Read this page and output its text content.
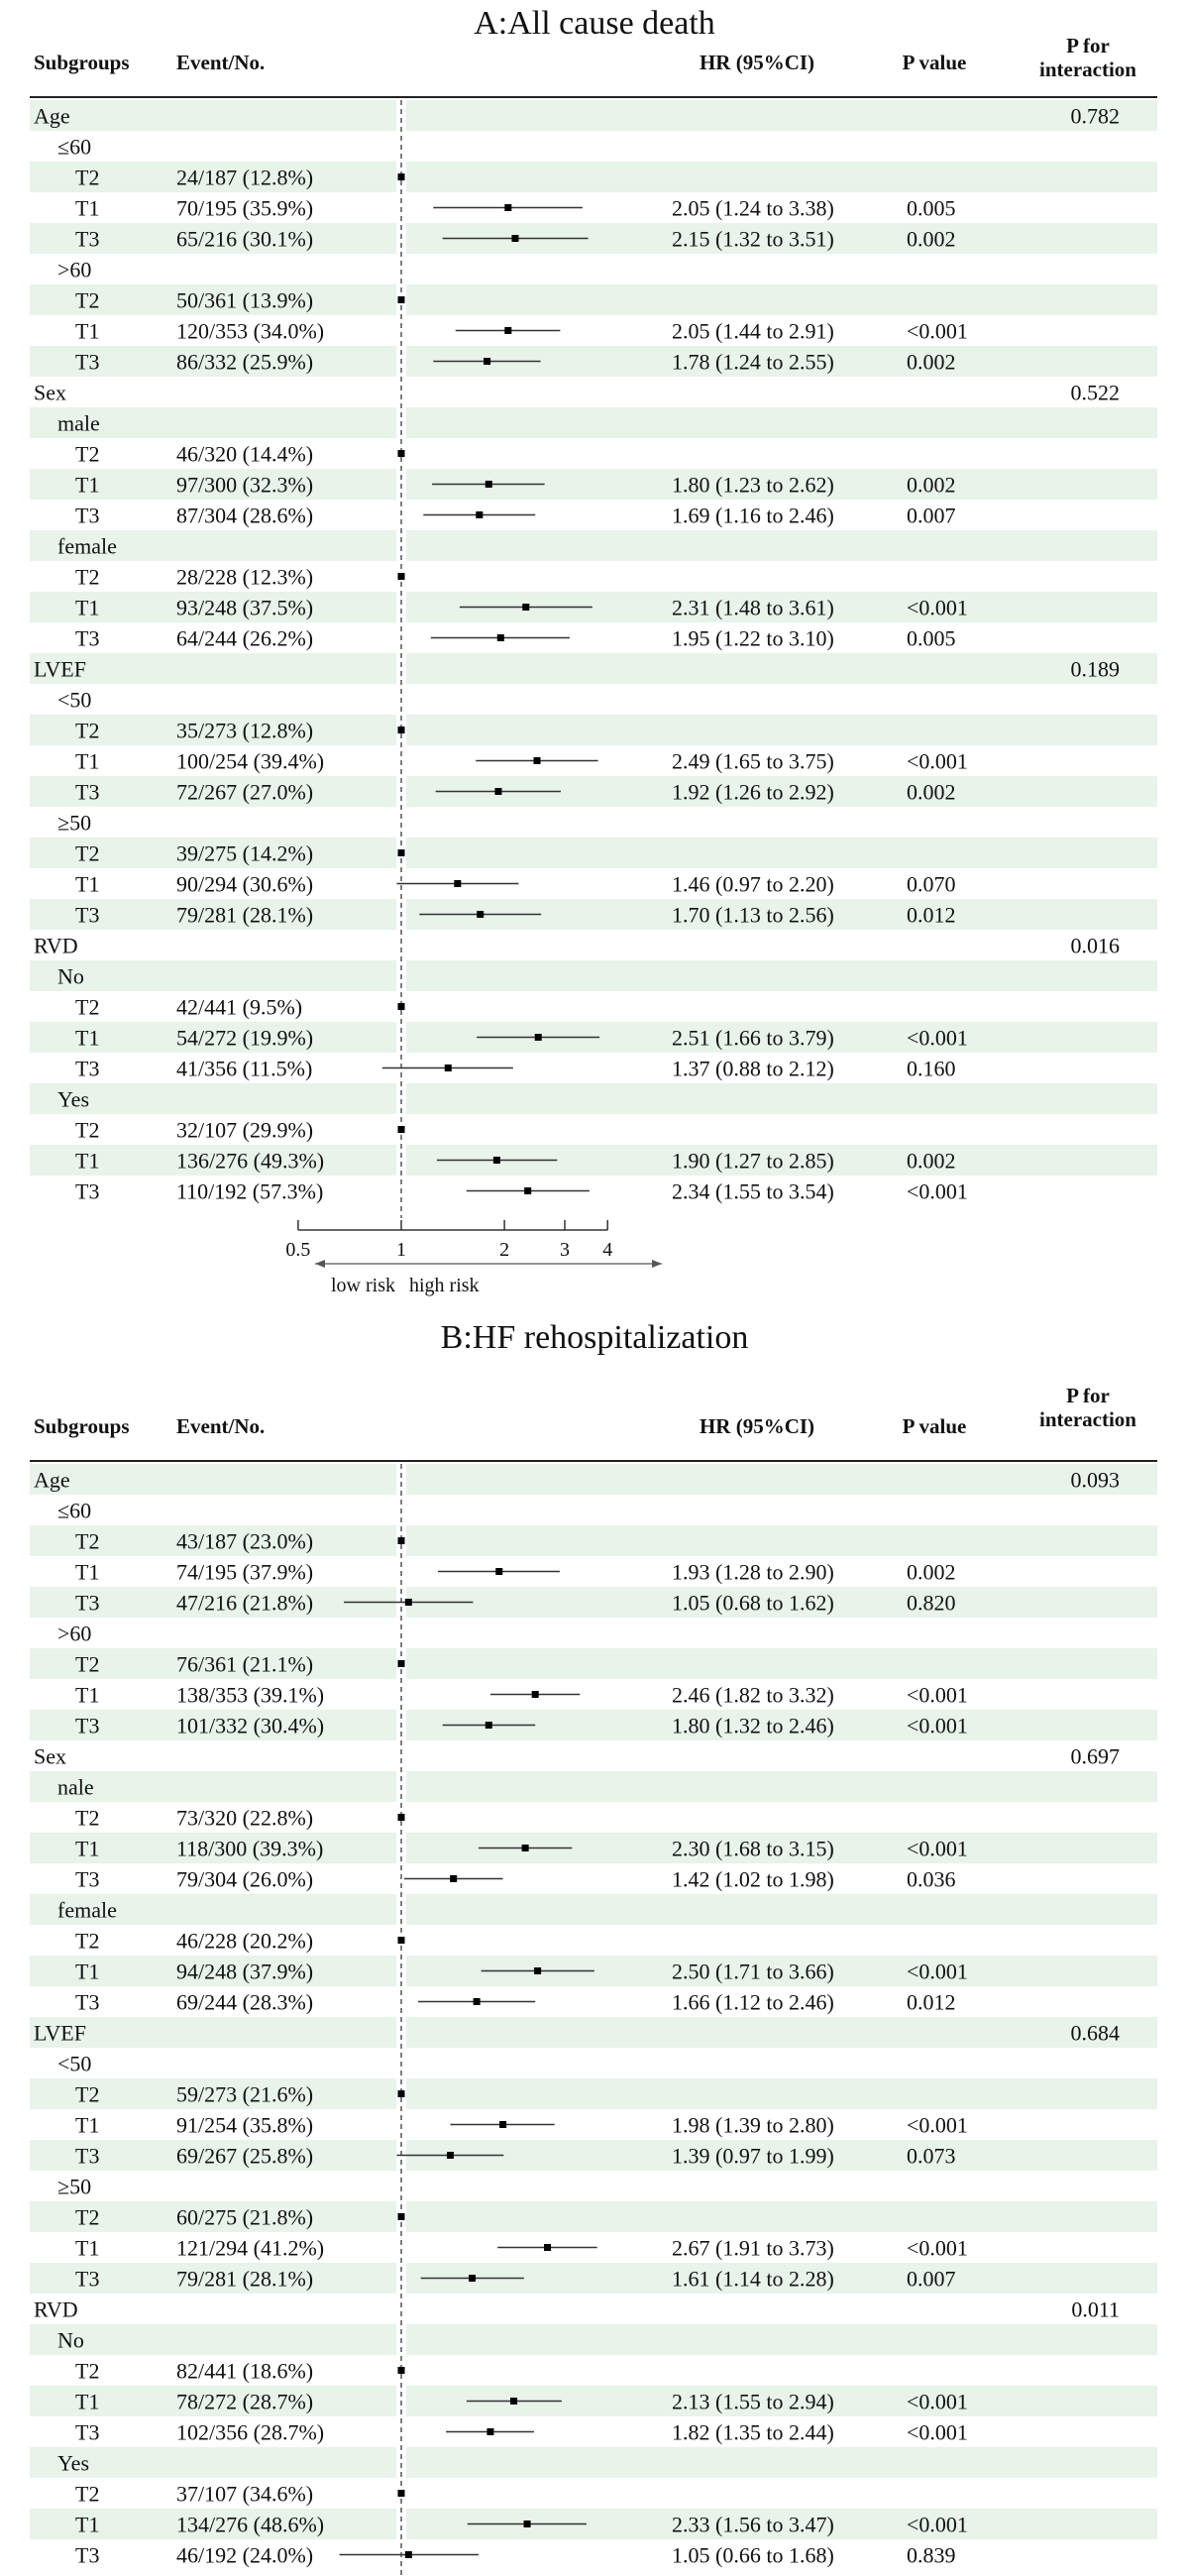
A:All cause death
Subgroups Event/No.	HR (95%CI)	P value
P for interaction
Age	0.782
≤60
T2	24/187 (12.8%)
T1	70/195 (35.9%)	2.05 (1.24 to 3.38)	0.005
T3	65/216 (30.1%)	2.15 (1.32 to 3.51)	0.002
>60
T2	50/361 (13.9%)
T1	120/353 (34.0%)	2.05 (1.44 to 2.91)	<0.001
T3	86/332 (25.9%)	1.78 (1.24 to 2.55)	0.002
Sex	0.522
male
T2	46/320 (14.4%)
T1	97/300 (32.3%)	1.80 (1.23 to 2.62)	0.002
T3	87/304 (28.6%)	1.69 (1.16 to 2.46)	0.007
female
T2	28/228 (12.3%)
T1	93/248 (37.5%)	2.31 (1.48 to 3.61)	<0.001
T3	64/244 (26.2%)	1.95 (1.22 to 3.10)	0.005
LVEF	0.189
<50
T2	35/273 (12.8%)
T1	100/254 (39.4%)	2.49 (1.65 to 3.75)	<0.001
T3	72/267 (27.0%)	1.92 (1.26 to 2.92)	0.002
≥50
T2	39/275 (14.2%)
T1	90/294 (30.6%)	1.46 (0.97 to 2.20)	0.070
T3	79/281 (28.1%)	1.70 (1.13 to 2.56)	0.012
RVD	0.016
No
T2	42/441 (9.5%)
T1	54/272 (19.9%)	2.51 (1.66 to 3.79)	<0.001
T3	41/356 (11.5%)	1.37 (0.88 to 2.12)	0.160
Yes
T2	32/107 (29.9%)
T1	136/276 (49.3%)	1.90 (1.27 to 2.85)	0.002
T3	110/192 (57.3%)	2.34 (1.55 to 3.54)	<0.001
0.5	1	2	3 4
low risk high risk
B:HF rehospitalization
Subgroups Event/No.	HR (95%CI)	P value
P for interaction
Age	0.093
≤60
T2	43/187 (23.0%)
T1	74/195 (37.9%)	1.93 (1.28 to 2.90)	0.002
T3	47/216 (21.8%)	1.05 (0.68 to 1.62)	0.820
>60
T2	76/361 (21.1%)
T1	138/353 (39.1%)	2.46 (1.82 to 3.32)	<0.001
T3	101/332 (30.4%)	1.80 (1.32 to 2.46)	<0.001
Sex	0.697
nale
T2	73/320 (22.8%)
T1	118/300 (39.3%)	2.30 (1.68 to 3.15)	<0.001
T3	79/304 (26.0%)	1.42 (1.02 to 1.98)	0.036
female
T2	46/228 (20.2%)
T1	94/248 (37.9%)	2.50 (1.71 to 3.66)	<0.001
T3	69/244 (28.3%)	1.66 (1.12 to 2.46)	0.012
LVEF	0.684
<50
T2	59/273 (21.6%)
T1	91/254 (35.8%)	1.98 (1.39 to 2.80)	<0.001
T3	69/267 (25.8%)	1.39 (0.97 to 1.99)	0.073
≥50
T2	60/275 (21.8%)
T1	121/294 (41.2%)	2.67 (1.91 to 3.73)	<0.001
T3	79/281 (28.1%)	1.61 (1.14 to 2.28)	0.007
RVD	0.011
No
T2	82/441 (18.6%)
T1	78/272 (28.7%)	2.13 (1.55 to 2.94)	<0.001
T3	102/356 (28.7%)	1.82 (1.35 to 2.44)	<0.001
Yes
T2	37/107 (34.6%)
T1	134/276 (48.6%)	2.33 (1.56 to 3.47)	<0.001
T3	46/192 (24.0%)	1.05 (0.66 to 1.68)	0.839
